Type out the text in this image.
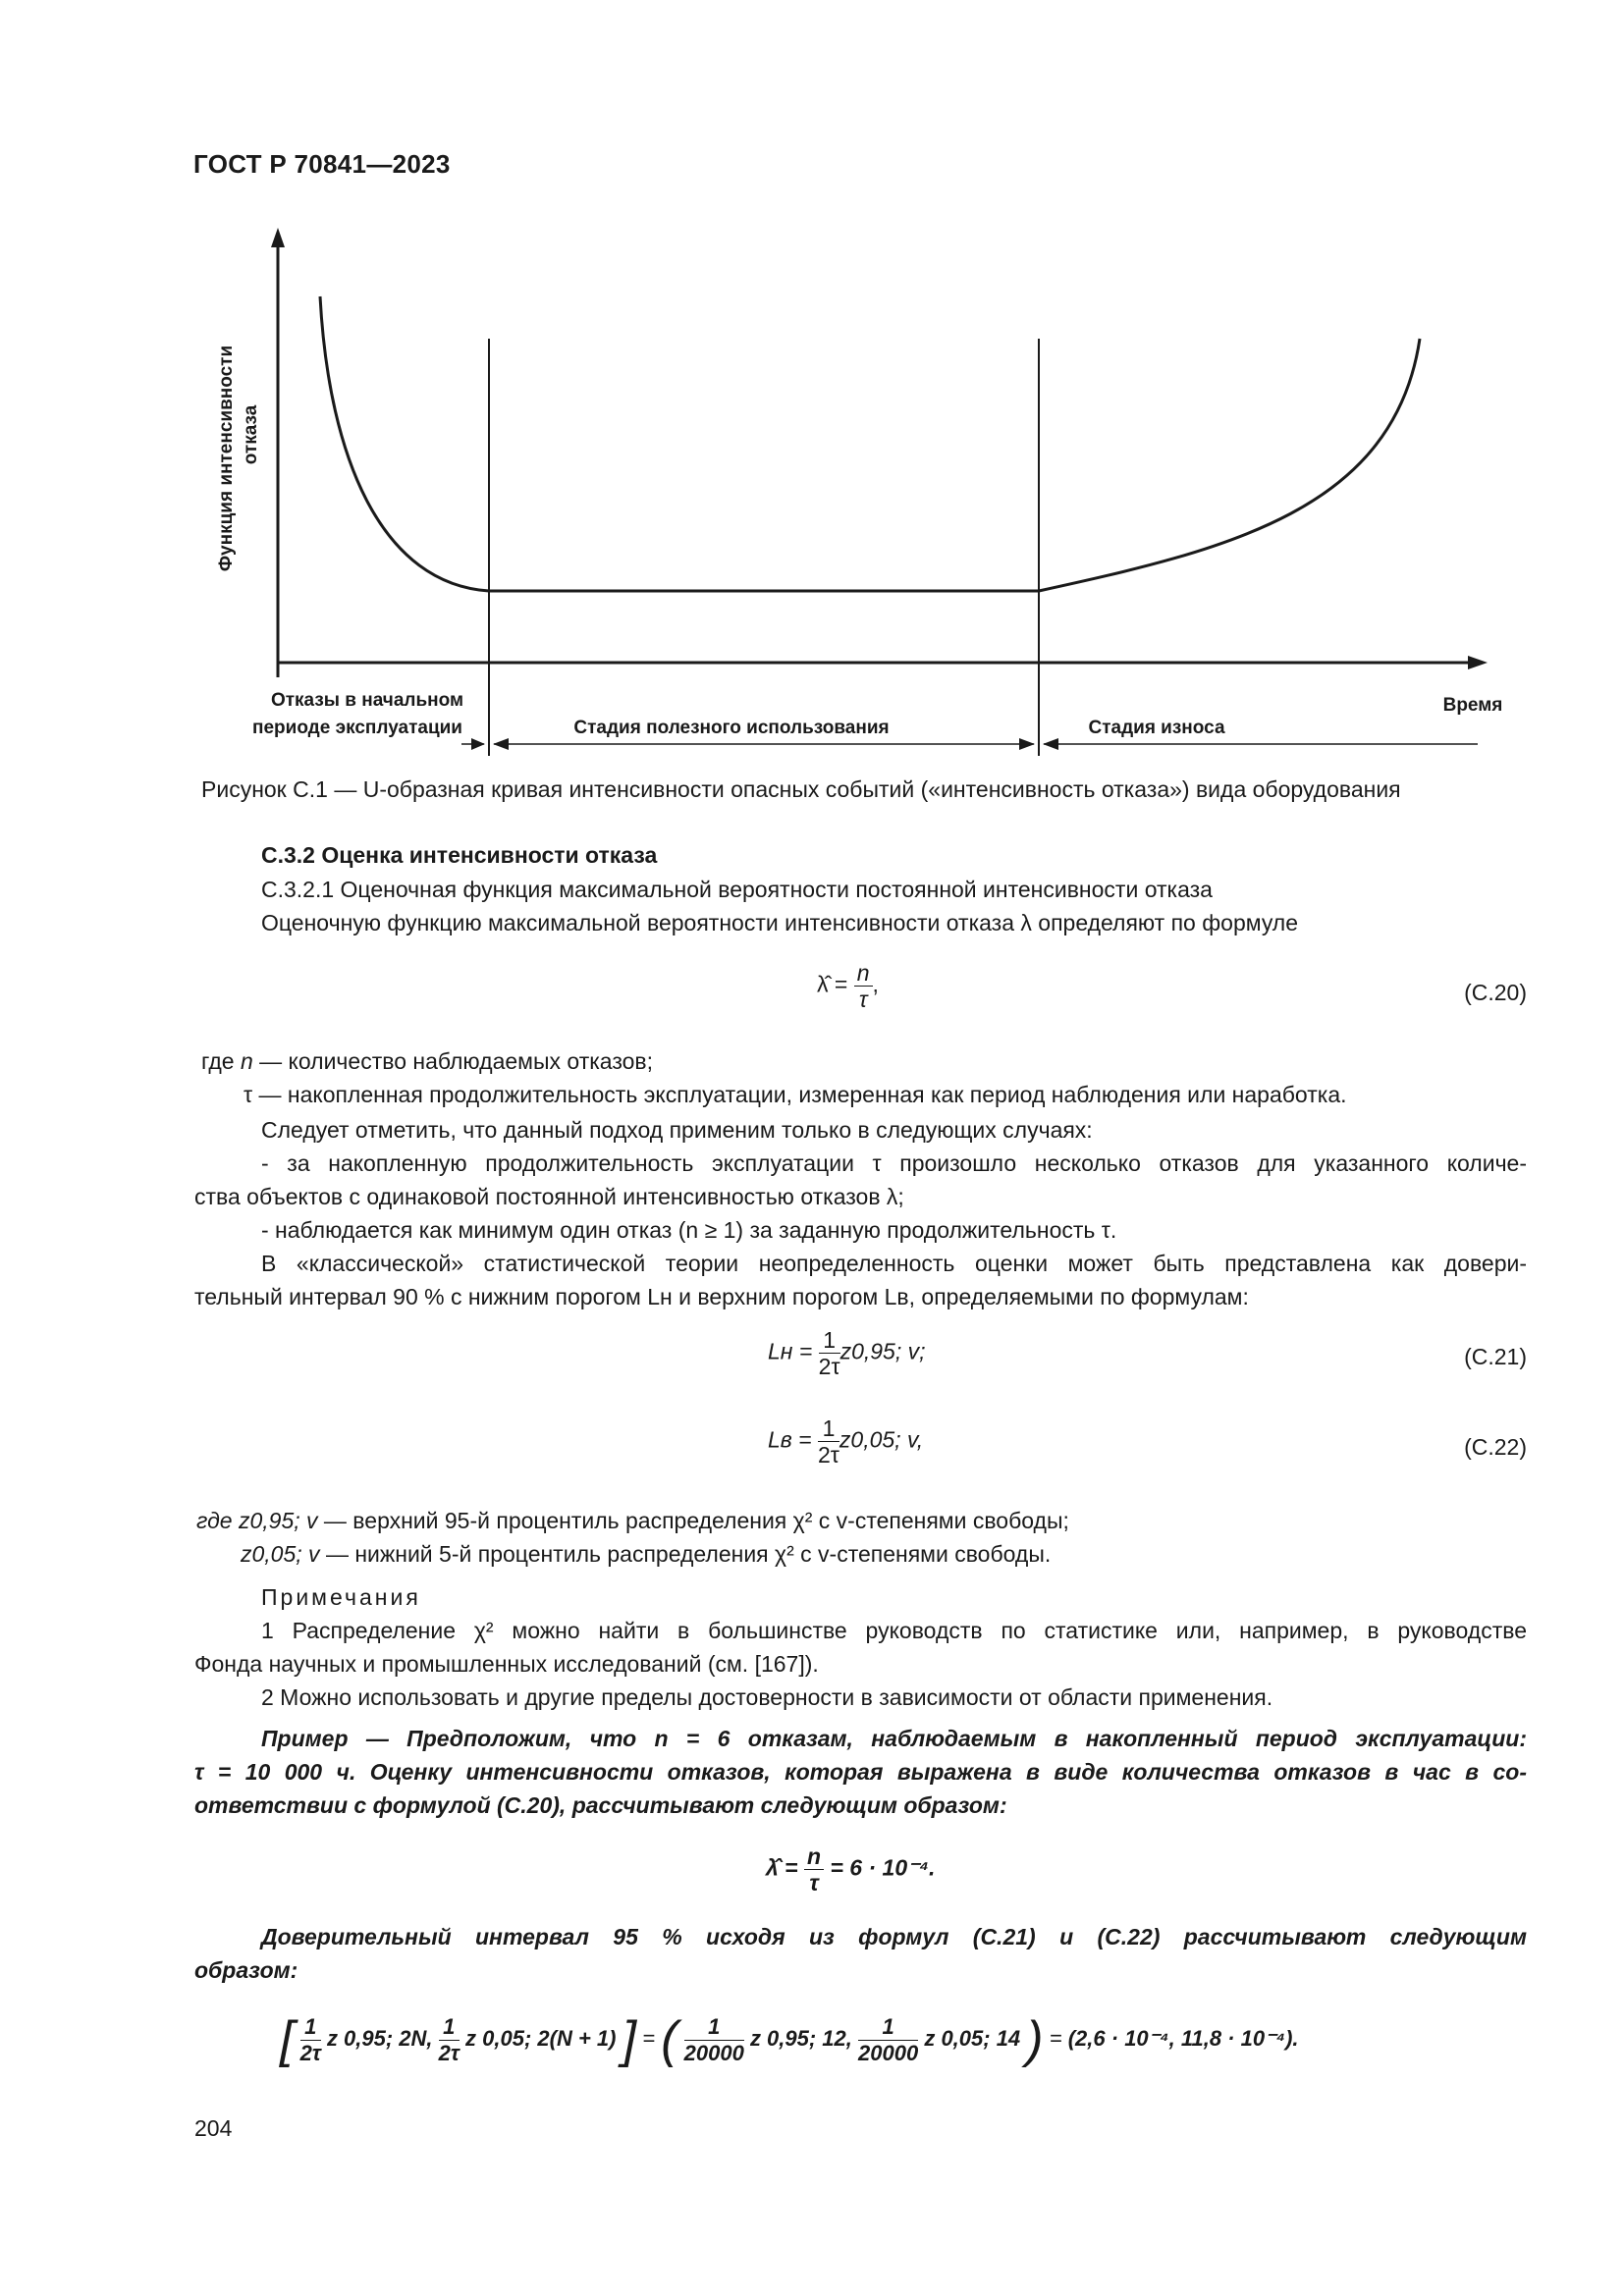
ГОСТ Р 70841—2023
Функция интенсивности отказа
Отказы в начальном
периоде эксплуатации	Стадия полезного использования	Стадия износа
Время
Рисунок С.1 — U-образная кривая интенсивности опасных событий («интенсивность отказа») вида оборудования
С.3.2 Оценка интенсивности отказа
С.3.2.1 Оценочная функция максимальной вероятности постоянной интенсивности отказа
Оценочную функцию максимальной вероятности интенсивности отказа λ определяют по формуле
λ̂ = $\frac{n}{\tau}$ ,	(С.20)
где n — количество наблюдаемых отказов;
τ — накопленная продолжительность эксплуатации, измеренная как период наблюдения или наработка.
Следует отметить, что данный подход применим только в следующих случаях:
- за накопленную продолжительность эксплуатации τ произошло несколько отказов для указанного количе-
ства объектов с одинаковой постоянной интенсивностью отказов λ;
- наблюдается как минимум один отказ (n ≥ 1) за заданную продолжительность τ.
В «классической» статистической теории неопределенность оценки может быть представлена как довери-
тельный интервал 90 % с нижним порогом Lн и верхним порогом Lв, определяемыми по формулам:
Lн = $\frac{1}{2\tau} z0,95$; v;	(С.21)
Lв = $\frac{1}{2\tau} z0,05$; v,	(С.22)
где z0,95; v — верхний 95-й процентиль распределения χ² с v-степенями свободы;
z0,05; v — нижний 5-й процентиль распределения χ² с v-степенями свободы.
Примечания
1 Распределение χ² можно найти в большинстве руководств по статистике или, например, в руководстве
Фонда научных и промышленных исследований (см. [167]).
2 Можно использовать и другие пределы достоверности в зависимости от области применения.
Пример — Предположим, что n = 6 отказам, наблюдаемым в накопленный период эксплуатации:
τ = 10 000 ч. Оценку интенсивности отказов, которая выражена в виде количества отказов в час в со-
ответствии с формулой (С.20), рассчитывают следующим образом:
λ̂ = $\frac{n}{\tau} = 6 \cdot 10^{-4}$.
Доверительный интервал 95 % исходя из формул (С.21) и (С.22) рассчитывают следующим
образом:
[ $\frac{1}{2\tau}$ z 0,95; 2N, $\frac{1}{2\tau}$ z 0,05; 2(N + 1) ] = ( $\frac{1}{20000}$ z 0,95; 12, $\frac{1}{20000}$ z 0,05; 14 ) = (2,6 · 10⁻⁴, 11,8 · 10⁻⁴).
204
